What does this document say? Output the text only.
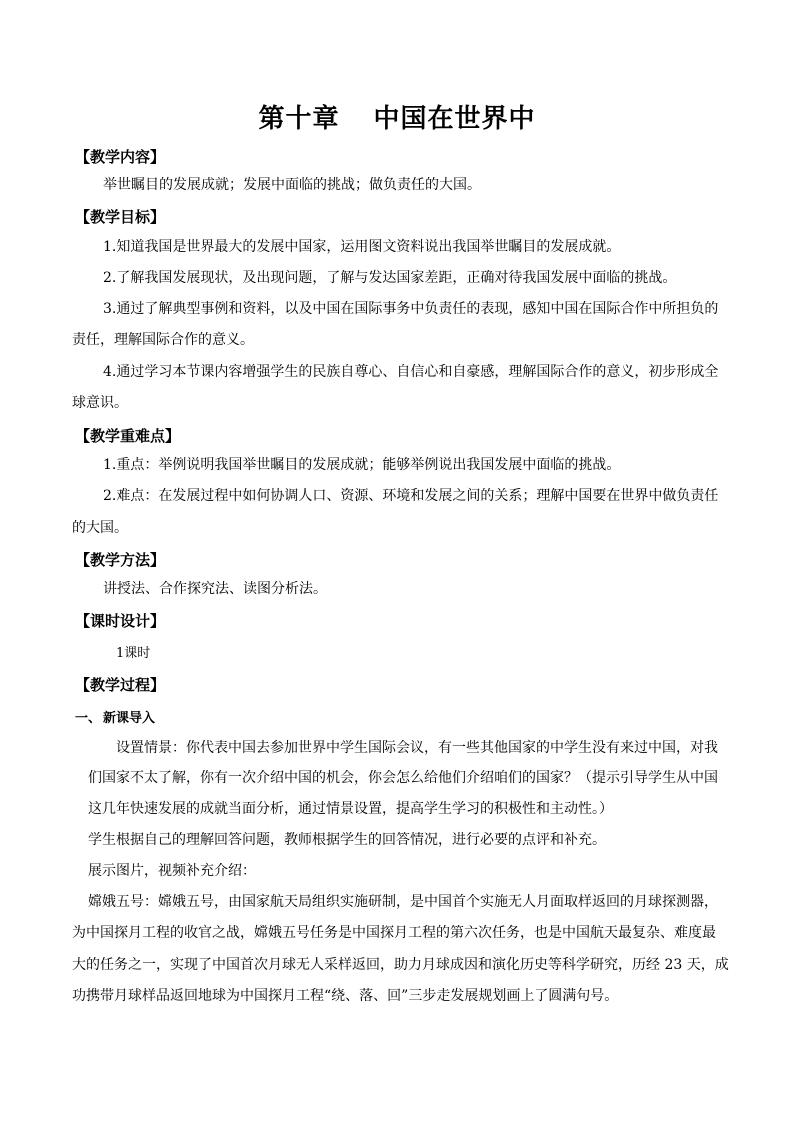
第十章 中国在世界中
【教学内容】
举世瞩目的发展成就；发展中面临的挑战；做负责任的大国。
【教学目标】
1.知道我国是世界最大的发展中国家，运用图文资料说出我国举世瞩目的发展成就。
2.了解我国发展现状，及出现问题，了解与发达国家差距，正确对待我国发展中面临的挑战。
3.通过了解典型事例和资料，以及中国在国际事务中负责任的表现，感知中国在国际合作中所担负的
责任，理解国际合作的意义。
4.通过学习本节课内容增强学生的民族自尊心、自信心和自豪感，理解国际合作的意义，初步形成全
球意识。
【教学重难点】
1.重点：举例说明我国举世瞩目的发展成就；能够举例说出我国发展中面临的挑战。
2.难点：在发展过程中如何协调人口、资源、环境和发展之间的关系；理解中国要在世界中做负责任
的大国。
【教学方法】
讲授法、合作探究法、读图分析法。
【课时设计】
1课时
【教学过程】
一、 新课导入
设置情景：你代表中国去参加世界中学生国际会议，有一些其他国家的中学生没有来过中国，对我
们国家不太了解，你有一次介绍中国的机会，你会怎么给他们介绍咱们的国家？（提示引导学生从中国
这几年快速发展的成就当面分析，通过情景设置，提高学生学习的积极性和主动性。）
学生根据自己的理解回答问题，教师根据学生的回答情况，进行必要的点评和补充。
展示图片，视频补充介绍：
嫦娥五号：嫦娥五号，由国家航天局组织实施研制，是中国首个实施无人月面取样返回的月球探测器，
为中国探月工程的收官之战，嫦娥五号任务是中国探月工程的第六次任务，也是中国航天最复杂、难度最
大的任务之一，实现了中国首次月球无人采样返回，助力月球成因和演化历史等科学研究，历经 23 天，成
功携带月球样品返回地球为中国探月工程“绕、落、回”三步走发展规划画上了圆满句号。
